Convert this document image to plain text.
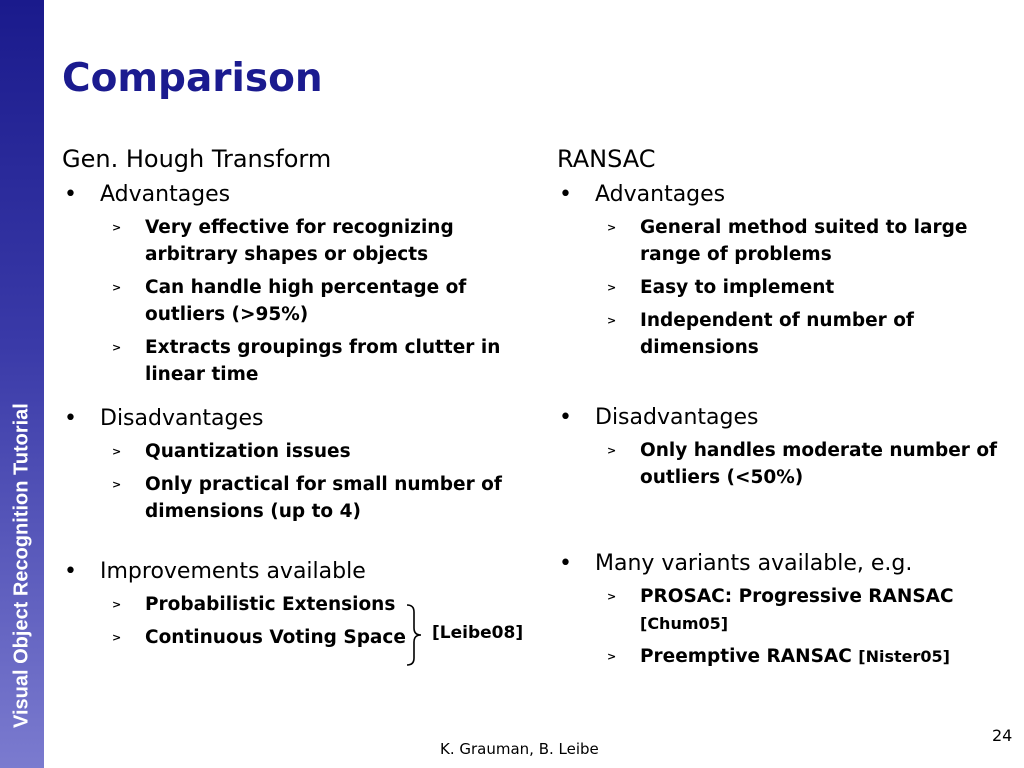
Visual Object Recognition Tutorial
Comparison
Gen. Hough Transform
• Advantages
> Very effective for recognizing
arbitrary shapes or objects
> Can handle high percentage of
outliers (>95%)
> Extracts groupings from clutter in
linear time
• Disadvantages
> Quantization issues
> Only practical for small number of
dimensions (up to 4)
• Improvements available
> Probabilistic Extensions
> Continuous Voting Space	[Leibe08]
RANSAC
• Advantages
> General method suited to large
range of problems
> Easy to implement
> Independent of number of
dimensions
• Disadvantages
> Only handles moderate number of
outliers (<50%)
• Many variants available, e.g.
> PROSAC: Progressive RANSAC
[Chum05]
> Preemptive RANSAC [Nister05]
K. Grauman, B. Leibe
24
